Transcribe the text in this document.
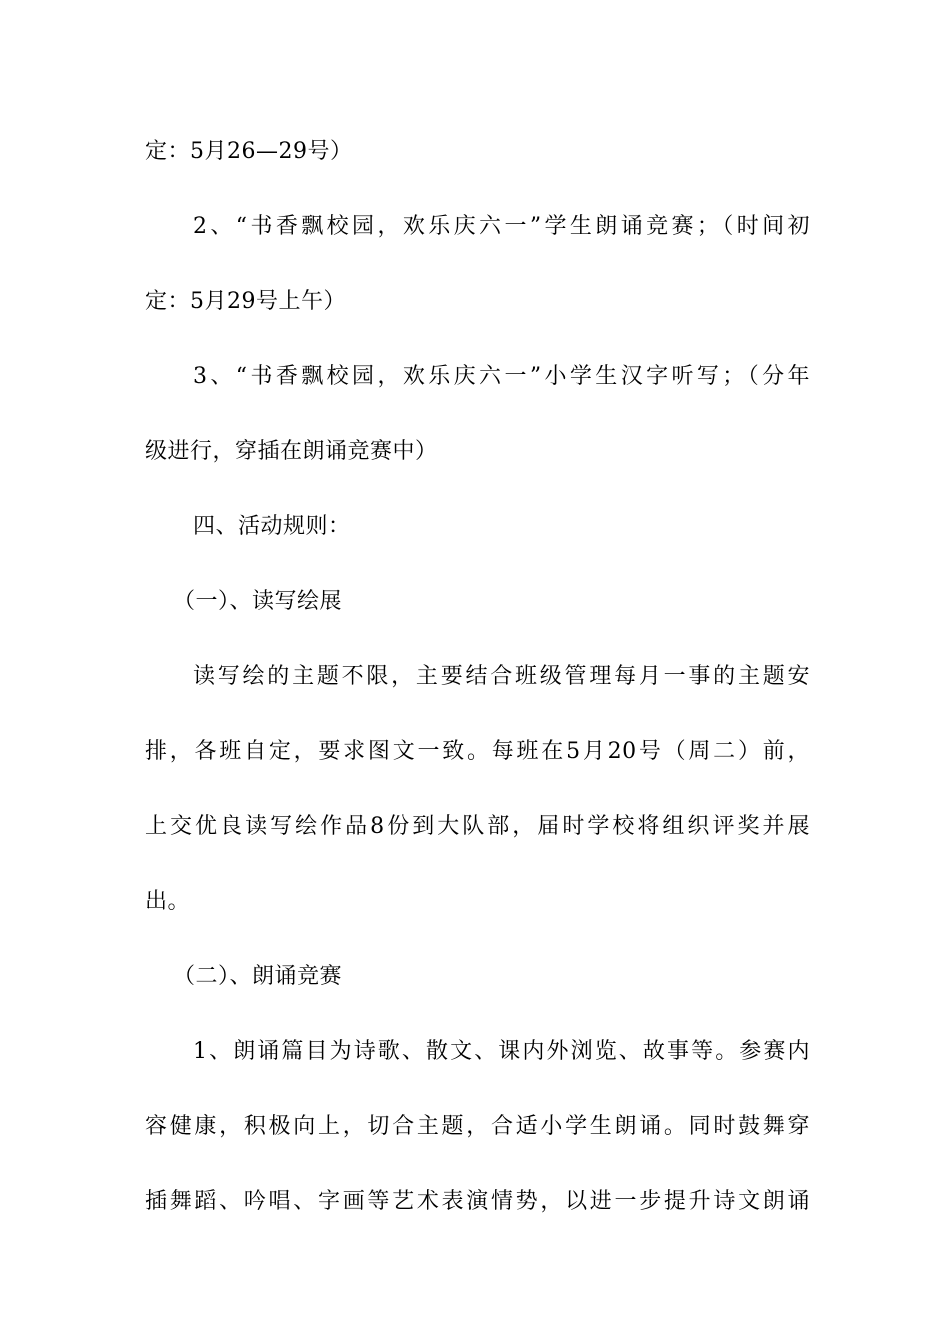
定：5月26—29号）
2、“书香飘校园，欢乐庆六一”学生朗诵竞赛；（时间初
定：5月29号上午）
3、“书香飘校园，欢乐庆六一”小学生汉字听写；（分年
级进行，穿插在朗诵竞赛中）
四、活动规则：
（一）、读写绘展
读写绘的主题不限，主要结合班级管理每月一事的主题安
排，各班自定，要求图文一致。每班在5月20号（周二）前，
上交优良读写绘作品8份到大队部，届时学校将组织评奖并展
出。
（二）、朗诵竞赛
1、朗诵篇目为诗歌、散文、课内外浏览、故事等。参赛内
容健康，积极向上，切合主题，合适小学生朗诵。同时鼓舞穿
插舞蹈、吟唱、字画等艺术表演情势，以进一步提升诗文朗诵
